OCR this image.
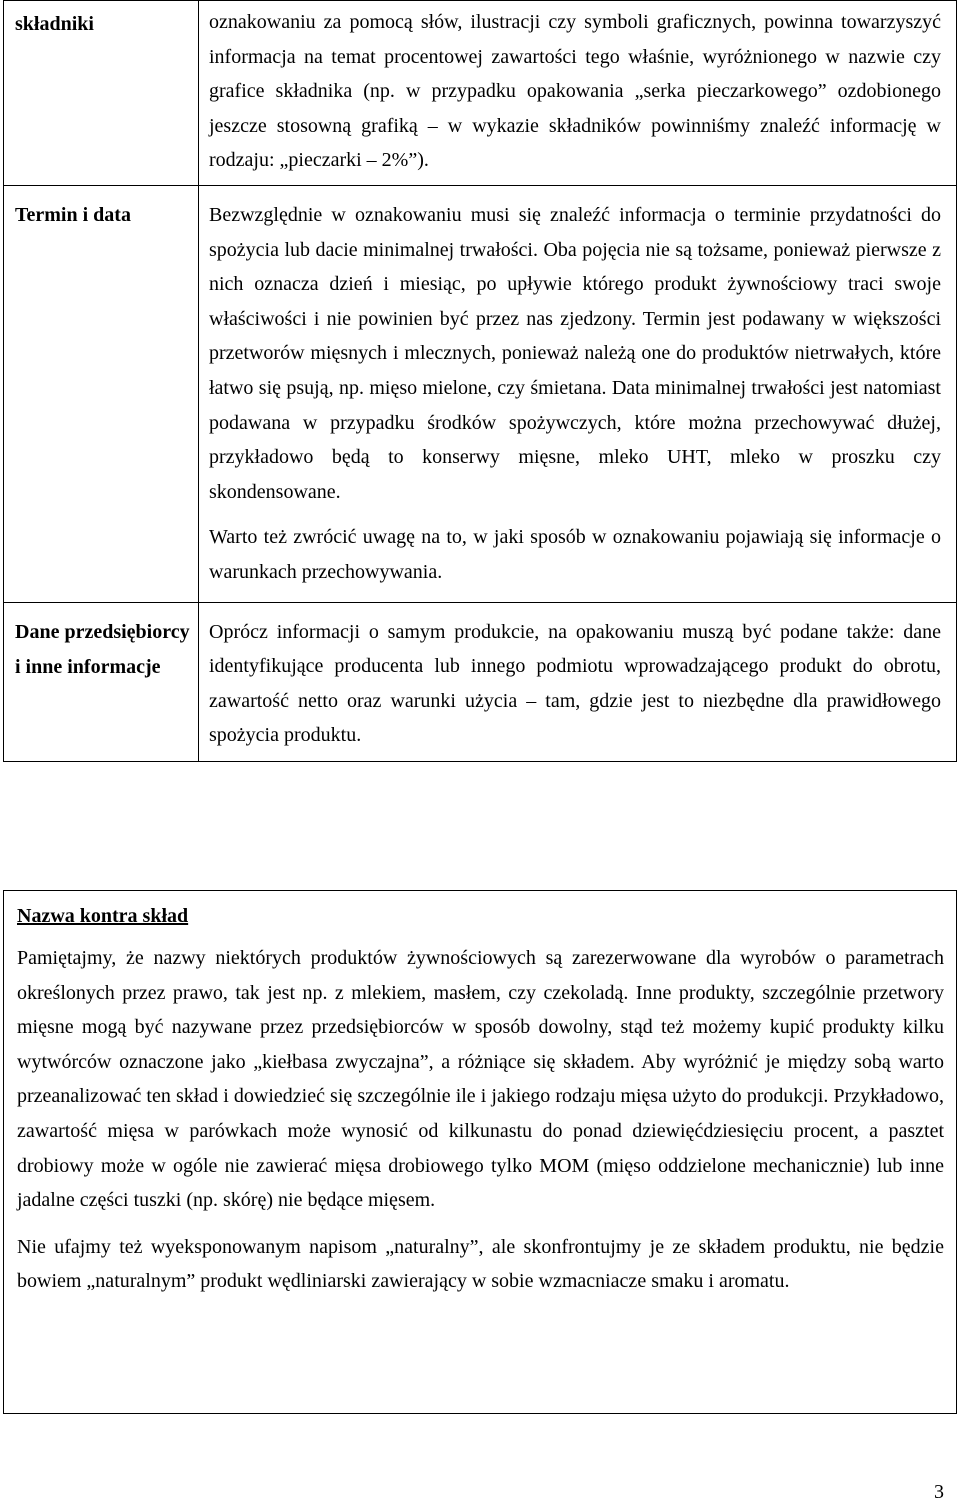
składniki	oznakowaniu za pomocą słów, ilustracji czy symboli graficznych, powinna towarzyszyć informacja na temat procentowej zawartości tego właśnie, wyróżnionego w nazwie czy grafice składnika (np. w przypadku opakowania „serka pieczarkowego” ozdobionego jeszcze stosowną grafiką – w wykazie składników powinniśmy znaleźć informację w rodzaju: „pieczarki – 2%”).

Termin i data	Bezwzględnie w oznakowaniu musi się znaleźć informacja o terminie przydatności do spożycia lub dacie minimalnej trwałości. Oba pojęcia nie są tożsame, ponieważ pierwsze z nich oznacza dzień i miesiąc, po upływie którego produkt żywnościowy traci swoje właściwości i nie powinien być przez nas zjedzony. Termin jest podawany w większości przetworów mięsnych i mlecznych, ponieważ należą one do produktów nietrwałych, które łatwo się psują, np. mięso mielone, czy śmietana. Data minimalnej trwałości jest natomiast podawana w przypadku środków spożywczych, które można przechowywać dłużej, przykładowo będą to konserwy mięsne, mleko UHT, mleko w proszku czy skondensowane.

Warto też zwrócić uwagę na to, w jaki sposób w oznakowaniu pojawiają się informacje o warunkach przechowywania.

Dane przedsiębiorcy i inne informacje	Oprócz informacji o samym produkcie, na opakowaniu muszą być podane także: dane identyfikujące producenta lub innego podmiotu wprowadzającego produkt do obrotu, zawartość netto oraz warunki użycia – tam, gdzie jest to niezbędne dla prawidłowego spożycia produktu.

Nazwa kontra skład

Pamiętajmy, że nazwy niektórych produktów żywnościowych są zarezerwowane dla wyrobów o parametrach określonych przez prawo, tak jest np. z mlekiem, masłem, czy czekoladą. Inne produkty, szczególnie przetwory mięsne mogą być nazywane przez przedsiębiorców w sposób dowolny, stąd też możemy kupić produkty kilku wytwórców oznaczone jako „kiełbasa zwyczajna”, a różniące się składem. Aby wyróżnić je między sobą warto przeanalizować ten skład i dowiedzieć się szczególnie ile i jakiego rodzaju mięsa użyto do produkcji. Przykładowo, zawartość mięsa w parówkach może wynosić od kilkunastu do ponad dziewięćdziesięciu procent, a pasztet drobiowy może w ogóle nie zawierać mięsa drobiowego tylko MOM (mięso oddzielone mechanicznie) lub inne jadalne części tuszki (np. skórę) nie będące mięsem.

Nie ufajmy też wyeksponowanym napisom „naturalny”, ale skonfrontujmy je ze składem produktu, nie będzie bowiem „naturalnym” produkt wędliniarski zawierający w sobie wzmacniacze smaku i aromatu.

3
